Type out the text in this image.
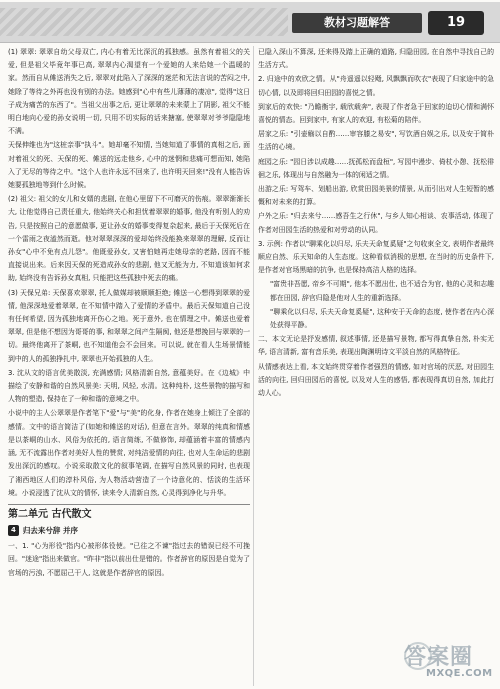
教材习题解答	19

(1) 翠翠: 翠翠自幼父母双亡, 内心有着无比深沉的孤独感。虽然有着祖父的关爱, 但是祖父毕竟年事已高, 翠翠内心渴望有一个爱她的人来给她一个温暖的家。然而自从傩送消失之后, 翠翠对此陷入了深深的迷茫和无法言说的苦闷之中, 她除了等待之外再也没有别的办法。她感到"心中有些儿薄薄的凄凉", 觉得"这日子成为痛苦的东西了"。当祖父出事之后, 更让翠翠的未来蒙上了阴影, 祖父不能明白地向心爱的孙女说明一切, 只用不切实际的话来搪塞, 使翠翠对爷爷隐隐地不满。

天保伸维也为"这桩亲事"执斗"。她却毫不知情, 当她知道了事情的真相之后, 面对着祖父的死、天保的死、傩送的远走他乡, 心中的迷惘和悲痛可想而知, 她陷入了无尽的等待之中。"这个人也许永远不回来了, 也许明天回来!"没有人能告诉她要孤独地等到什么时候。

(2) 祖父: 祖父的女儿和女婿的悲剧, 在他心里留下不可磨灭的伤痕。翠翠渐渐长大, 让他觉得自己责任重大, 他始终关心和担忧着翠翠的婚事, 他没有听别人的劝告, 只是按照自己的意愿做事, 更让孙女的婚事变得复杂起来, 最后于天保死后在一个雷雨之夜溘然而逝。他对翠翠深深的爱却始终没能换来翠翠的理解, 反而让孙女"心中不免有点儿怨"。他既爱孙女, 又害怕她再走她母亲的老路, 因而不能直接说出来。后来因天保的死造成孙女的悲剧, 他又无能为力, 不知道该如何求助, 始终没有告诉孙女真相, 只能把这些孤独中死去的痛。

(3) 天保兄弟: 天保喜欢翠翠, 托人做媒却被顺顺拒绝; 傩送一心想得到翠翠的爱情, 他深深地爱着翠翠, 在不知情中踏入了爱情的矛盾中。最后天保知道自己没有任何希望, 因为孤独地离开伤心之地。死于意外, 也在情理之中。傩送也爱着翠翠, 但是他不想因为哥哥的事, 和翠翠之间产生隔阂, 他还是想挽回与翠翠的一切。最终他离开了茶峒, 也不知道他会不会回来。可以说, 就在看人生场景情能到中的人的孤独挣扎中, 翠翠也开始孤独的人生。

3. 沈从文的语言优美散淡, 充满感情; 风格清新自然, 意蕴美好。在《边城》中描绘了安静和谐的自然风景美: 天明, 风轻, 水清。这种纯朴, 这些景物的描写和人物的塑造, 保持在了一种和谐的意境之中。

小说中的主人公翠翠是作者笔下"爱"与"美"的化身, 作者在她身上倾注了全部的感情。文中的语言简洁了(如她和傩送的对话), 但意在言外。翠翠的纯真和情感是以茶峒的山水、风俗为依托的, 语言简练, 不做修饰, 却蕴涵着丰富的情感内涵, 无不流露出作者对美好人性的赞赏, 对纯洁爱情的向往, 也对人生命运的悲剧发出深沉的感叹。小说采取散文化的叙事笔调, 在描写自然风景的同时, 也表现了湘西地区人们的淳朴风俗, 为人物活动营造了一个诗意化的、恬淡的生活环境。小说浸透了沈从文的情怀, 读来令人清新自然, 心灵得到净化与升华。

第二单元 古代散文
4 归去来兮辞 并序

一、1. "心为形役"指内心被形体役使。"已往之不谏"指过去的错误已经不可挽回。"迷途"指出来做官。"昨非"指以前出仕是错的。作者辞官的原因是自觉为了官场的污浊, 不愿屈己干人, 这就是作者辞官的原因。

已隐入深山不算深, 还来得及踏上正确的道路, 归隐田园, 在自然中寻找自己的生活方式。

2. 归途中的欢欣之情。从"舟遥遥以轻飏, 风飘飘而吹衣"表现了归家途中的急切心情, 以及即将回归田园的喜悦之情。

到家后的欢快: "乃瞻衡宇, 载欣载奔", 表现了作者急于回家的迫切心情和满怀喜悦的情态。回到家中, 有家人的欢迎, 有松菊的陪伴。

居家之乐: "引壶觞以自酌……审容膝之易安", 写饮酒自娱之乐, 以及安于简朴生活的心境。

庭园之乐: "园日涉以成趣……抚孤松而盘桓", 写园中漫步、倚杖小憩、抚松徘徊之乐, 体现出与自然融为一体的闲适之情。

出游之乐: 写驾车、划船出游, 欣赏田园美景的情景, 从而引出对人生短暂的感慨和对未来的打算。

户外之乐: "归去来兮……感吾生之行休", 与乡人知心相谈、农事活动, 体现了作者对田园生活的热爱和对劳动的认同。

3. 示例: 作者以"聊乘化以归尽, 乐夫天命复奚疑"之句收束全文, 表明作者最终顺应自然、乐天知命的人生态度。这种看似消极的思想, 在当时的历史条件下, 是作者对官场黑暗的抗争, 也是保持高洁人格的选择。

"富贵非吾愿, 帝乡不可期", 他本不愿出仕, 也不适合为官, 他的心灵和志趣都在田园, 辞官归隐是他对人生的重新选择。

"聊乘化以归尽, 乐夫天命复奚疑", 这种安于天命的态度, 使作者在内心深处获得平静。

二、本文无论是抒发感情, 叙述事情, 还是描写景物, 都写得真挚自然, 朴实无华, 语言清新, 富有音乐美, 表现出陶渊明诗文平淡自然的风格特征。

从情感表达上看, 本文始终贯穿着作者强烈的情感, 如对官场的厌恶, 对田园生活的向往, 回归田园后的喜悦, 以及对人生的感悟, 都表现得真切自然, 加此打动人心。

答案圈
MXQE.COM
